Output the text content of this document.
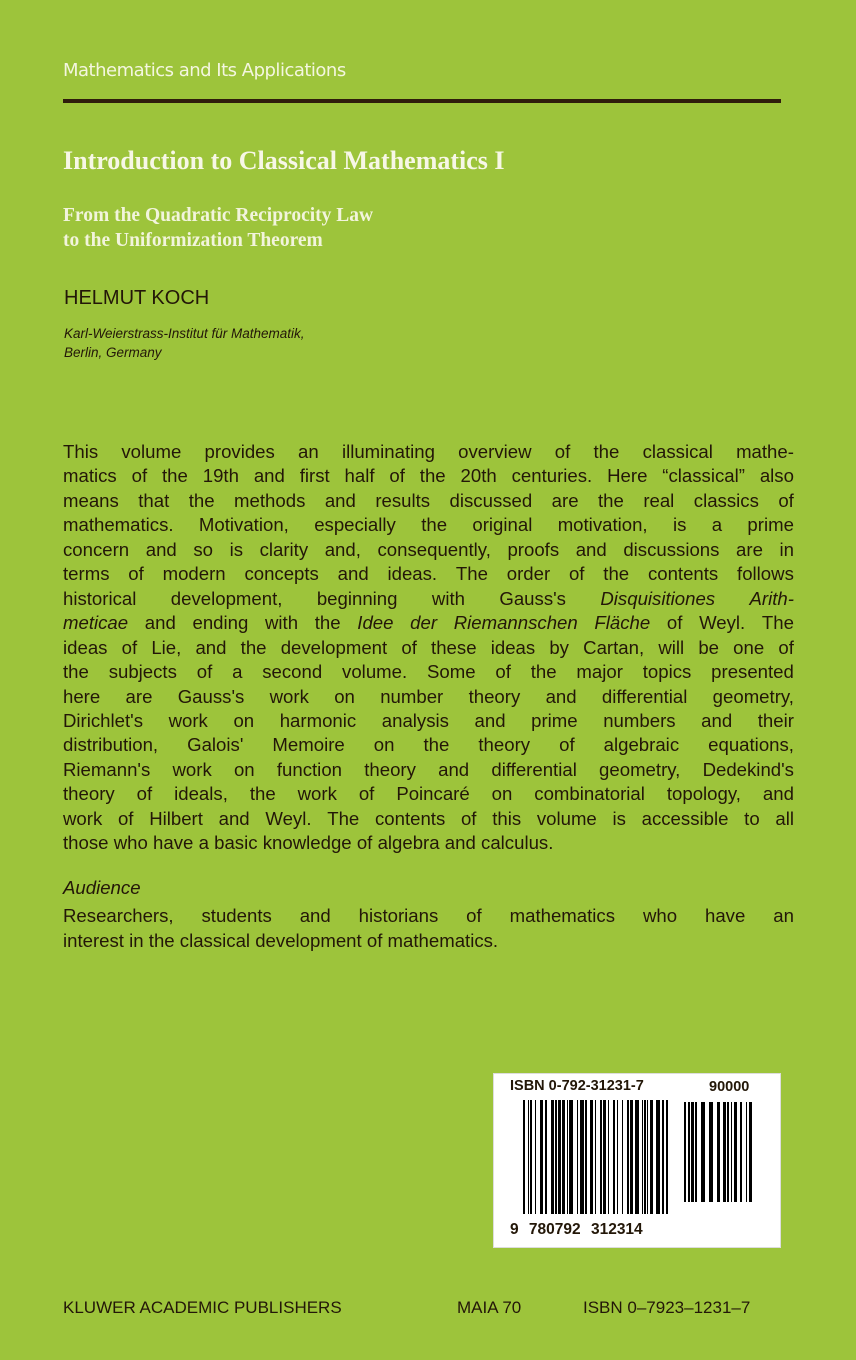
Mathematics and Its Applications
Introduction to Classical Mathematics I
From the Quadratic Reciprocity Law
to the Uniformization Theorem
HELMUT KOCH
Karl-Weierstrass-Institut für Mathematik,
Berlin, Germany
This volume provides an illuminating overview of the classical mathe-
matics of the 19th and first half of the 20th centuries. Here “classical” also
means that the methods and results discussed are the real classics of
mathematics. Motivation, especially the original motivation, is a prime
concern and so is clarity and, consequently, proofs and discussions are in
terms of modern concepts and ideas. The order of the contents follows
historical development, beginning with Gauss's Disquisitiones Arith-
meticae and ending with the Idee der Riemannschen Fläche of Weyl. The
ideas of Lie, and the development of these ideas by Cartan, will be one of
the subjects of a second volume. Some of the major topics presented
here are Gauss's work on number theory and differential geometry,
Dirichlet's work on harmonic analysis and prime numbers and their
distribution, Galois' Memoire on the theory of algebraic equations,
Riemann's work on function theory and differential geometry, Dedekind's
theory of ideals, the work of Poincaré on combinatorial topology, and
work of Hilbert and Weyl. The contents of this volume is accessible to all
those who have a basic knowledge of algebra and calculus.
Audience
Researchers, students and historians of mathematics who have an
interest in the classical development of mathematics.
ISBN 0-792-31231-7	90000
9 780792 312314
KLUWER ACADEMIC PUBLISHERS	MAIA 70	ISBN 0–7923–1231–7
